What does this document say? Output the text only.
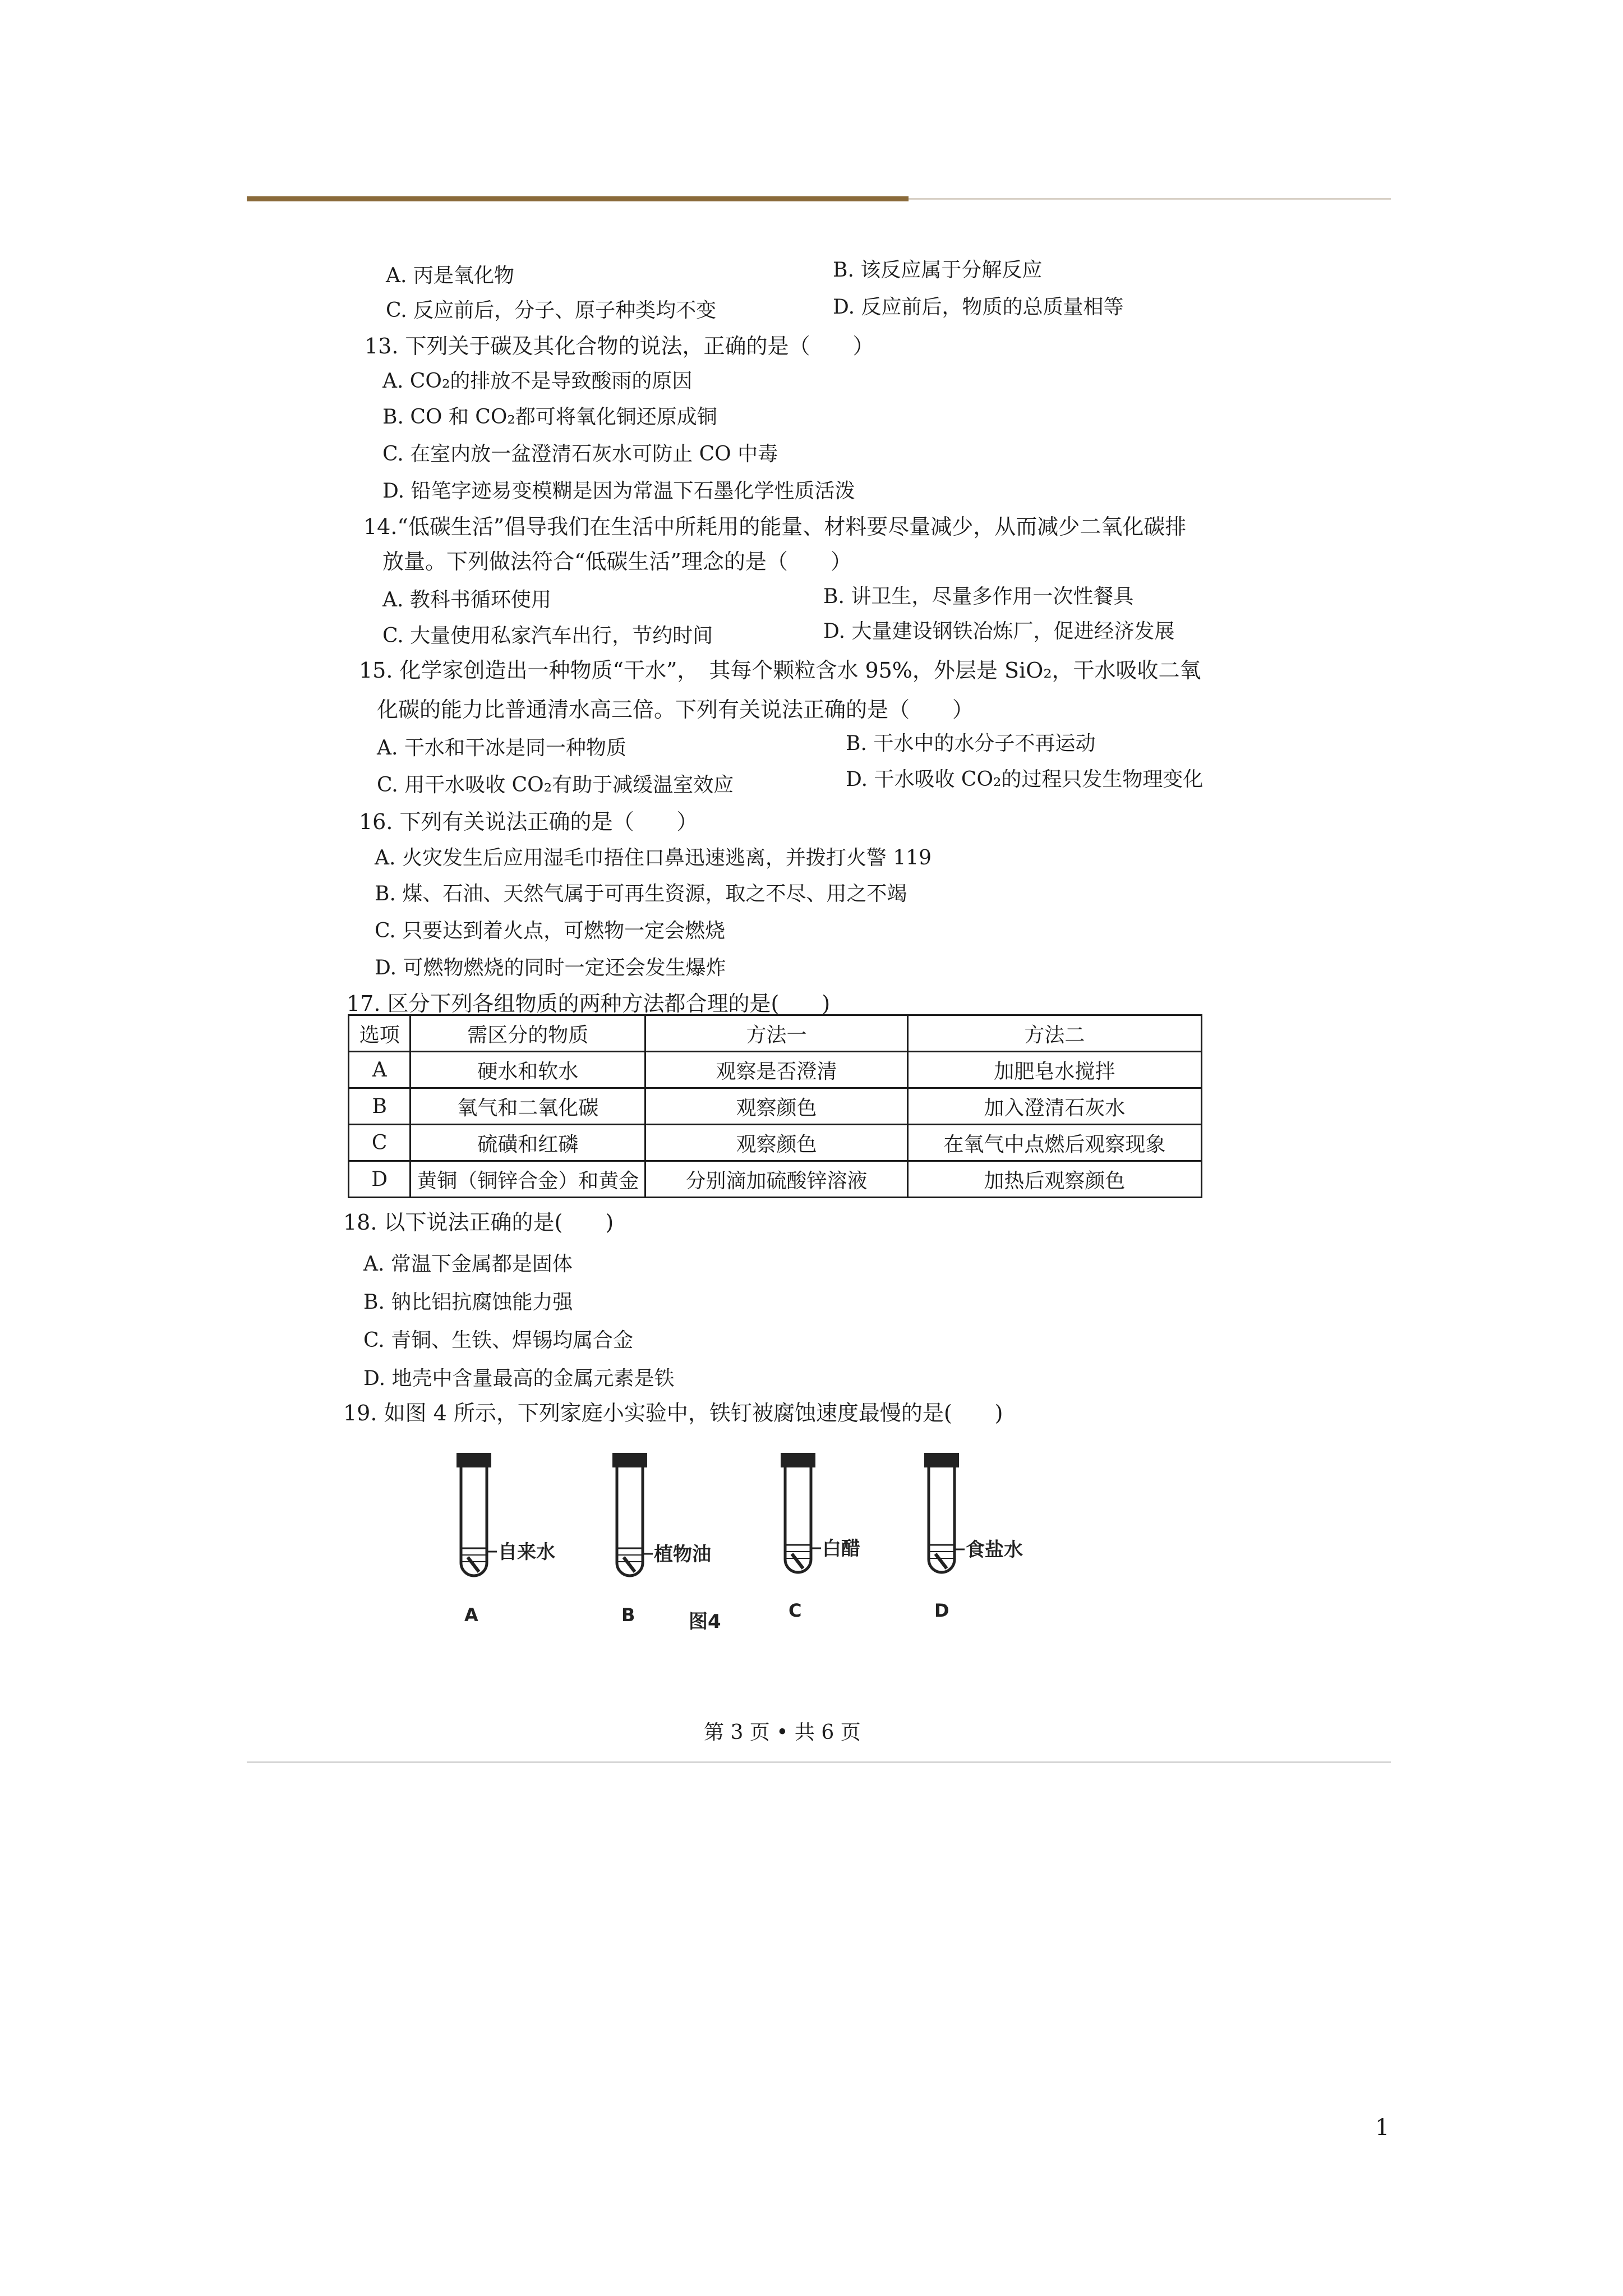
A. 丙是氧化物	B. 该反应属于分解反应
C. 反应前后，分子、原子种类均不变	D. 反应前后，物质的总质量相等
13. 下列关于碳及其化合物的说法，正确的是（　　）
A. CO₂的排放不是导致酸雨的原因
B. CO 和 CO₂都可将氧化铜还原成铜
C. 在室内放一盆澄清石灰水可防止 CO 中毒
D. 铅笔字迹易变模糊是因为常温下石墨化学性质活泼
14.“低碳生活”倡导我们在生活中所耗用的能量、材料要尽量减少，从而减少二氧化碳排
放量。下列做法符合“低碳生活”理念的是（　　）
A. 教科书循环使用	B. 讲卫生，尽量多作用一次性餐具
C. 大量使用私家汽车出行，节约时间	D. 大量建设钢铁冶炼厂，促进经济发展
15. 化学家创造出一种物质“干水”，　其每个颗粒含水 95%，外层是 SiO₂，干水吸收二氧
化碳的能力比普通清水高三倍。下列有关说法正确的是（　　）
A. 干水和干冰是同一种物质	B. 干水中的水分子不再运动
C. 用干水吸收 CO₂有助于减缓温室效应	D. 干水吸收 CO₂的过程只发生物理变化
16. 下列有关说法正确的是（　　）
A. 火灾发生后应用湿毛巾捂住口鼻迅速逃离，并拨打火警 119
B. 煤、石油、天然气属于可再生资源，取之不尽、用之不竭
C. 只要达到着火点，可燃物一定会燃烧
D. 可燃物燃烧的同时一定还会发生爆炸
17. 区分下列各组物质的两种方法都合理的是(　　)
选项	需区分的物质	方法一	方法二
A	硬水和软水	观察是否澄清	加肥皂水搅拌
B	氧气和二氧化碳	观察颜色	加入澄清石灰水
C	硫磺和红磷	观察颜色	在氧气中点燃后观察现象
D	黄铜（铜锌合金）和黄金	分别滴加硫酸锌溶液	加热后观察颜色
18. 以下说法正确的是(　　)
A. 常温下金属都是固体
B. 钠比铝抗腐蚀能力强
C. 青铜、生铁、焊锡均属合金
D. 地壳中含量最高的金属元素是铁
19. 如图 4 所示，下列家庭小实验中，铁钉被腐蚀速度最慢的是(　　)
自来水
A
植物油
B
白醋
C
食盐水
D
图4
第 3 页 • 共 6 页
1
